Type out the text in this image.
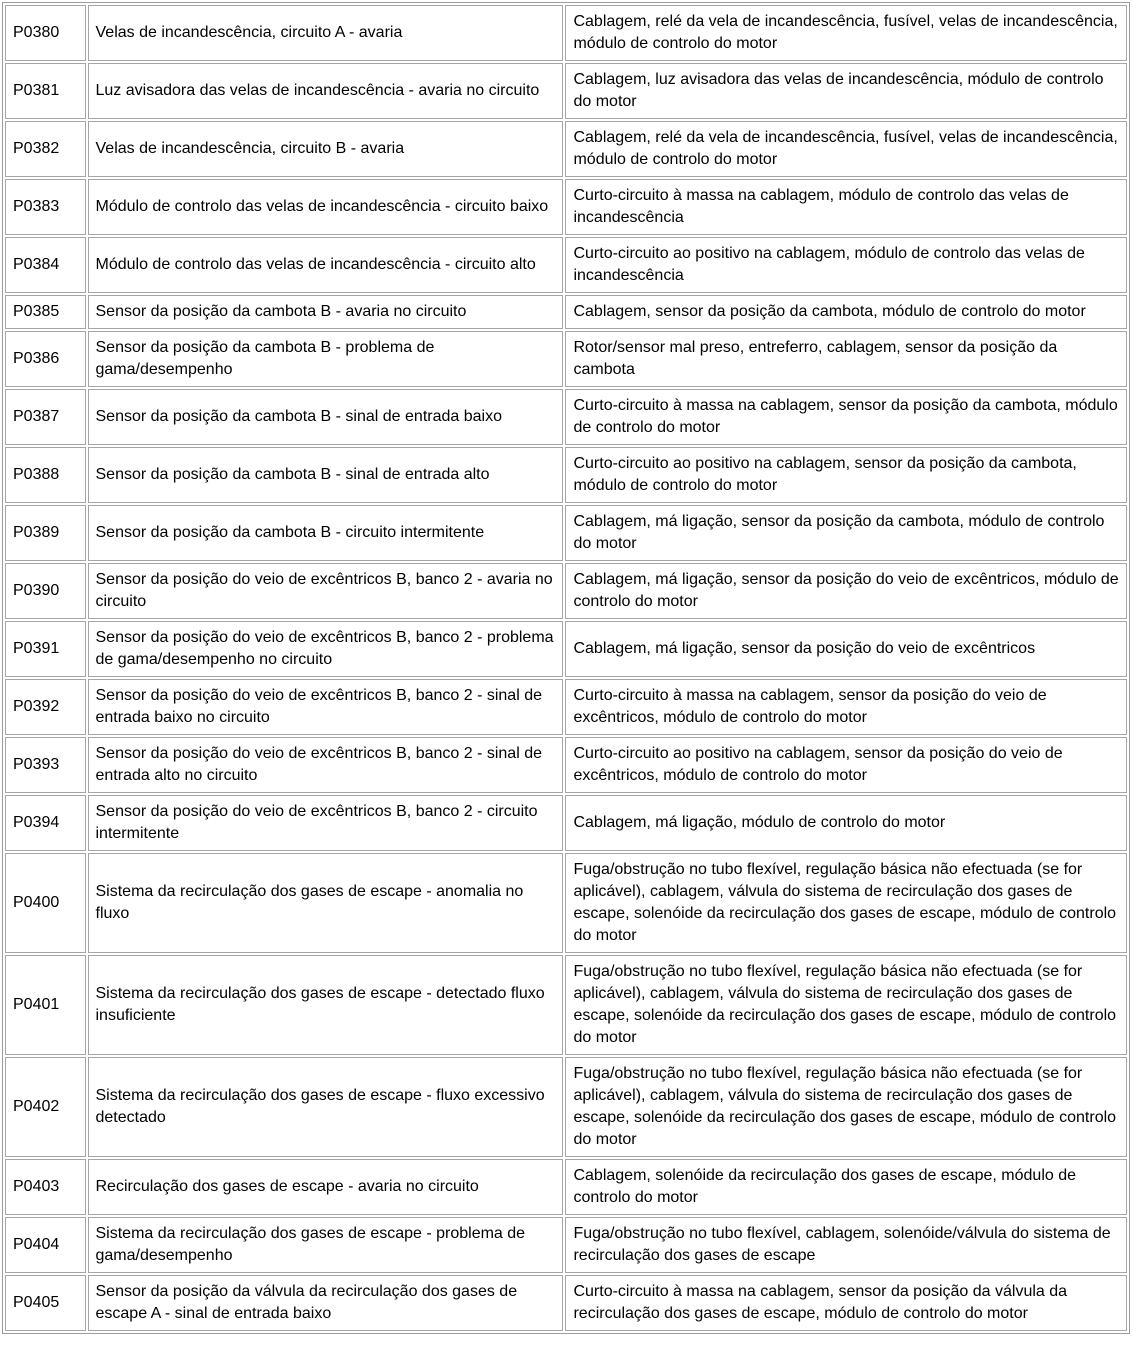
P0380	Velas de incandescência, circuito A - avaria	Cablagem, relé da vela de incandescência, fusível, velas de incandescência, módulo de controlo do motor
P0381	Luz avisadora das velas de incandescência - avaria no circuito	Cablagem, luz avisadora das velas de incandescência, módulo de controlo do motor
P0382	Velas de incandescência, circuito B - avaria	Cablagem, relé da vela de incandescência, fusível, velas de incandescência, módulo de controlo do motor
P0383	Módulo de controlo das velas de incandescência - circuito baixo	Curto-circuito à massa na cablagem, módulo de controlo das velas de incandescência
P0384	Módulo de controlo das velas de incandescência - circuito alto	Curto-circuito ao positivo na cablagem, módulo de controlo das velas de incandescência
P0385	Sensor da posição da cambota B - avaria no circuito	Cablagem, sensor da posição da cambota, módulo de controlo do motor
P0386	Sensor da posição da cambota B - problema de gama/desempenho	Rotor/sensor mal preso, entreferro, cablagem, sensor da posição da cambota
P0387	Sensor da posição da cambota B - sinal de entrada baixo	Curto-circuito à massa na cablagem, sensor da posição da cambota, módulo de controlo do motor
P0388	Sensor da posição da cambota B - sinal de entrada alto	Curto-circuito ao positivo na cablagem, sensor da posição da cambota, módulo de controlo do motor
P0389	Sensor da posição da cambota B - circuito intermitente	Cablagem, má ligação, sensor da posição da cambota, módulo de controlo do motor
P0390	Sensor da posição do veio de excêntricos B, banco 2 - avaria no circuito	Cablagem, má ligação, sensor da posição do veio de excêntricos, módulo de controlo do motor
P0391	Sensor da posição do veio de excêntricos B, banco 2 - problema de gama/desempenho no circuito	Cablagem, má ligação, sensor da posição do veio de excêntricos
P0392	Sensor da posição do veio de excêntricos B, banco 2 - sinal de entrada baixo no circuito	Curto-circuito à massa na cablagem, sensor da posição do veio de excêntricos, módulo de controlo do motor
P0393	Sensor da posição do veio de excêntricos B, banco 2 - sinal de entrada alto no circuito	Curto-circuito ao positivo na cablagem, sensor da posição do veio de excêntricos, módulo de controlo do motor
P0394	Sensor da posição do veio de excêntricos B, banco 2 - circuito intermitente	Cablagem, má ligação, módulo de controlo do motor
P0400	Sistema da recirculação dos gases de escape - anomalia no fluxo	Fuga/obstrução no tubo flexível, regulação básica não efectuada (se for aplicável), cablagem, válvula do sistema de recirculação dos gases de escape, solenóide da recirculação dos gases de escape, módulo de controlo do motor
P0401	Sistema da recirculação dos gases de escape - detectado fluxo insuficiente	Fuga/obstrução no tubo flexível, regulação básica não efectuada (se for aplicável), cablagem, válvula do sistema de recirculação dos gases de escape, solenóide da recirculação dos gases de escape, módulo de controlo do motor
P0402	Sistema da recirculação dos gases de escape - fluxo excessivo detectado	Fuga/obstrução no tubo flexível, regulação básica não efectuada (se for aplicável), cablagem, válvula do sistema de recirculação dos gases de escape, solenóide da recirculação dos gases de escape, módulo de controlo do motor
P0403	Recirculação dos gases de escape - avaria no circuito	Cablagem, solenóide da recirculação dos gases de escape, módulo de controlo do motor
P0404	Sistema da recirculação dos gases de escape - problema de gama/desempenho	Fuga/obstrução no tubo flexível, cablagem, solenóide/válvula do sistema de recirculação dos gases de escape
P0405	Sensor da posição da válvula da recirculação dos gases de escape A - sinal de entrada baixo	Curto-circuito à massa na cablagem, sensor da posição da válvula da recirculação dos gases de escape, módulo de controlo do motor
